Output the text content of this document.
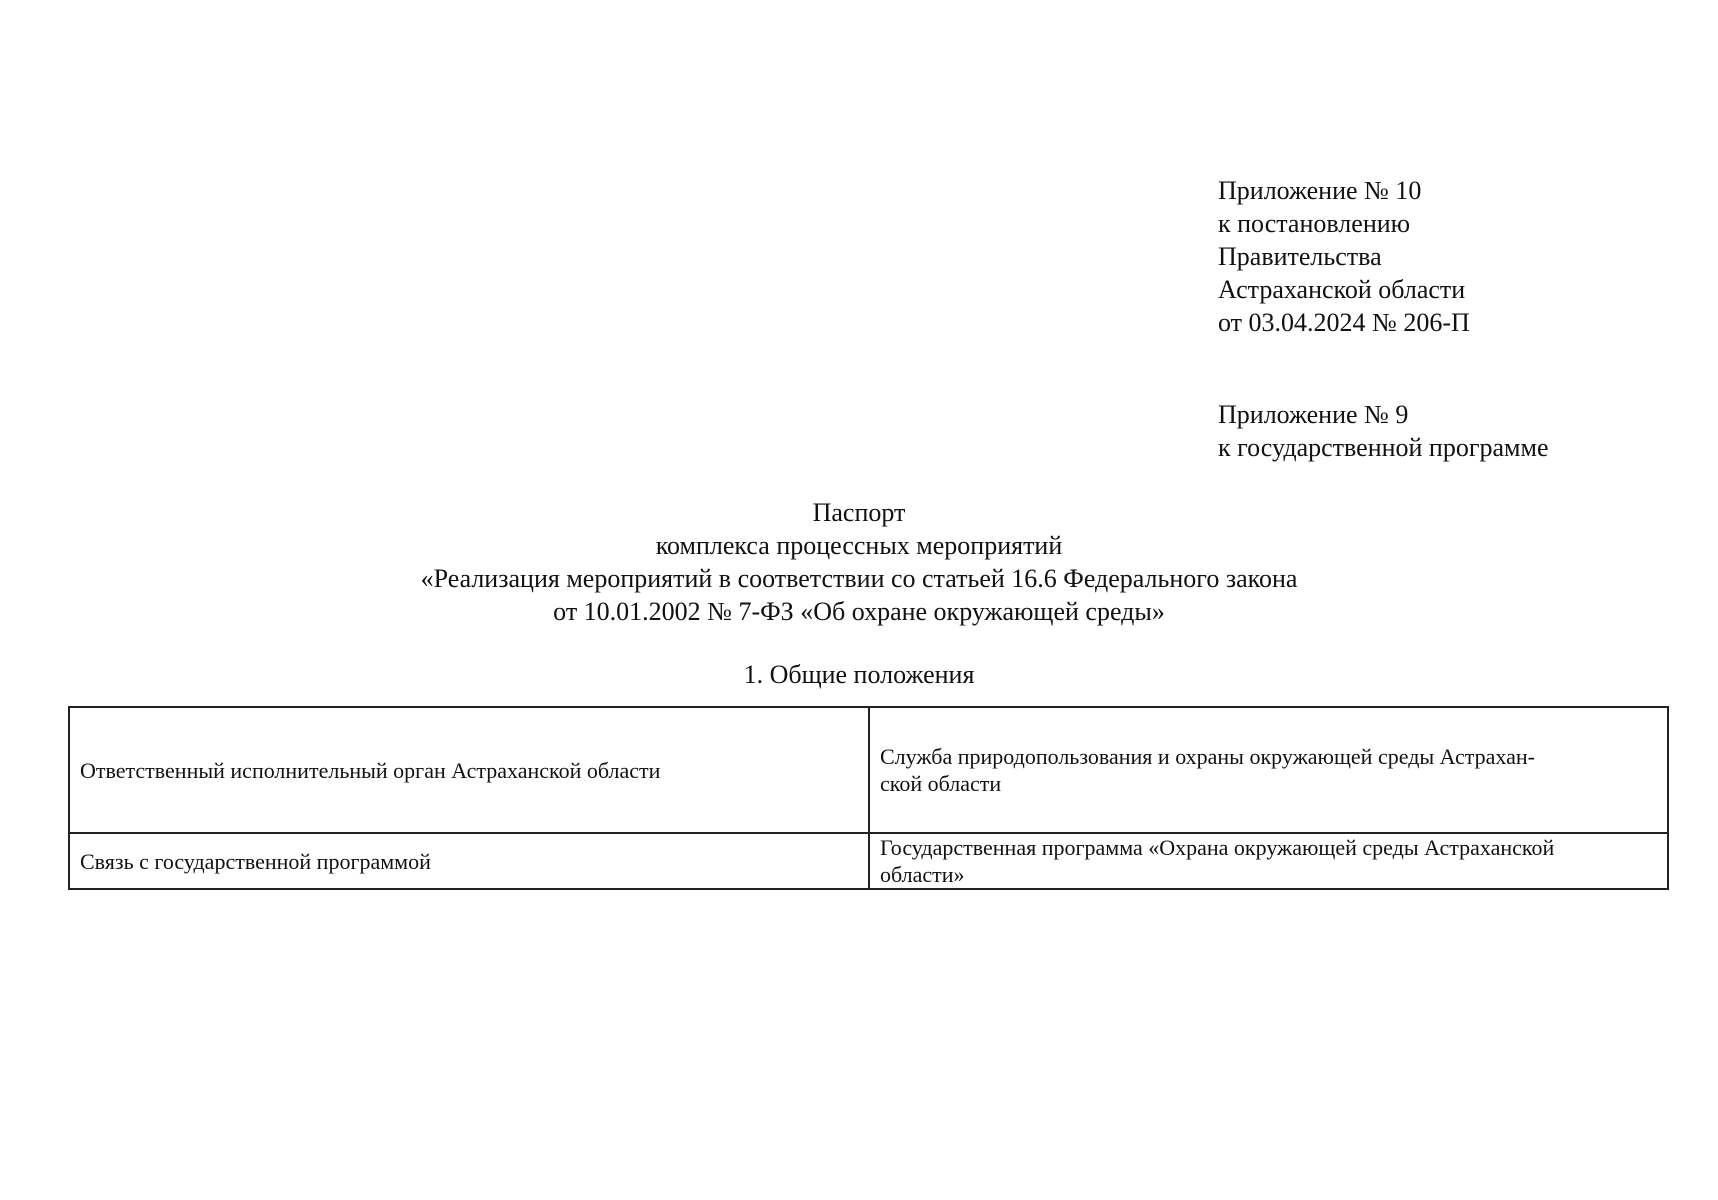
Приложение № 10
к постановлению
Правительства
Астраханской области
от 03.04.2024 № 206-П
Приложение № 9
к государственной программе
Паспорт
комплекса процессных мероприятий
«Реализация мероприятий в соответствии со статьей 16.6 Федерального закона
от 10.01.2002 № 7-ФЗ «Об охране окружающей среды»
1. Общие положения
Ответственный исполнительный орган Астраханской области	Служба природопользования и охраны окружающей среды Астрахан-
ской области
Связь с государственной программой	Государственная программа «Охрана окружающей среды Астраханской
области»
